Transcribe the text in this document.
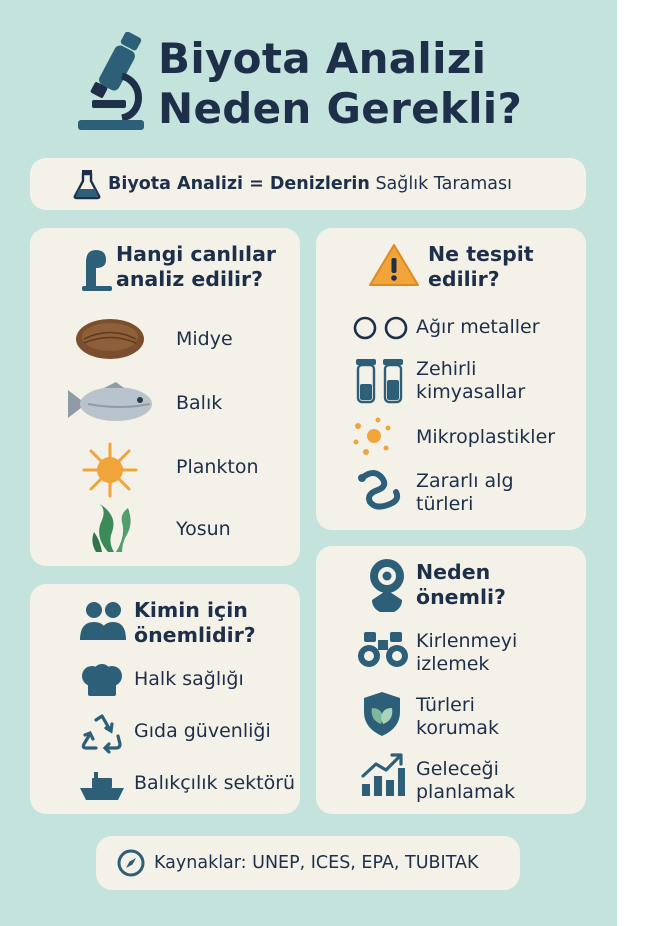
Biyota Analizi
Neden Gerekli?
Biyota Analizi = Denizlerin Sağlık Taraması
Hangi canlılar
analiz edilir?
Midye
Balık
Plankton
Yosun
Ne tespit
edilir?
Ağır metaller
Zehirli
kimyasallar
Mikroplastikler
Zararlı alg
türleri
Kimin için
önemlidir?
Halk sağlığı
Gıda güvenliği
Balıkçılık sektörü
Neden
önemli?
Kirlenmeyi
izlemek
Türleri
korumak
Geleceği
planlamak
Kaynaklar: UNEP, ICES, EPA, TUBITAK
